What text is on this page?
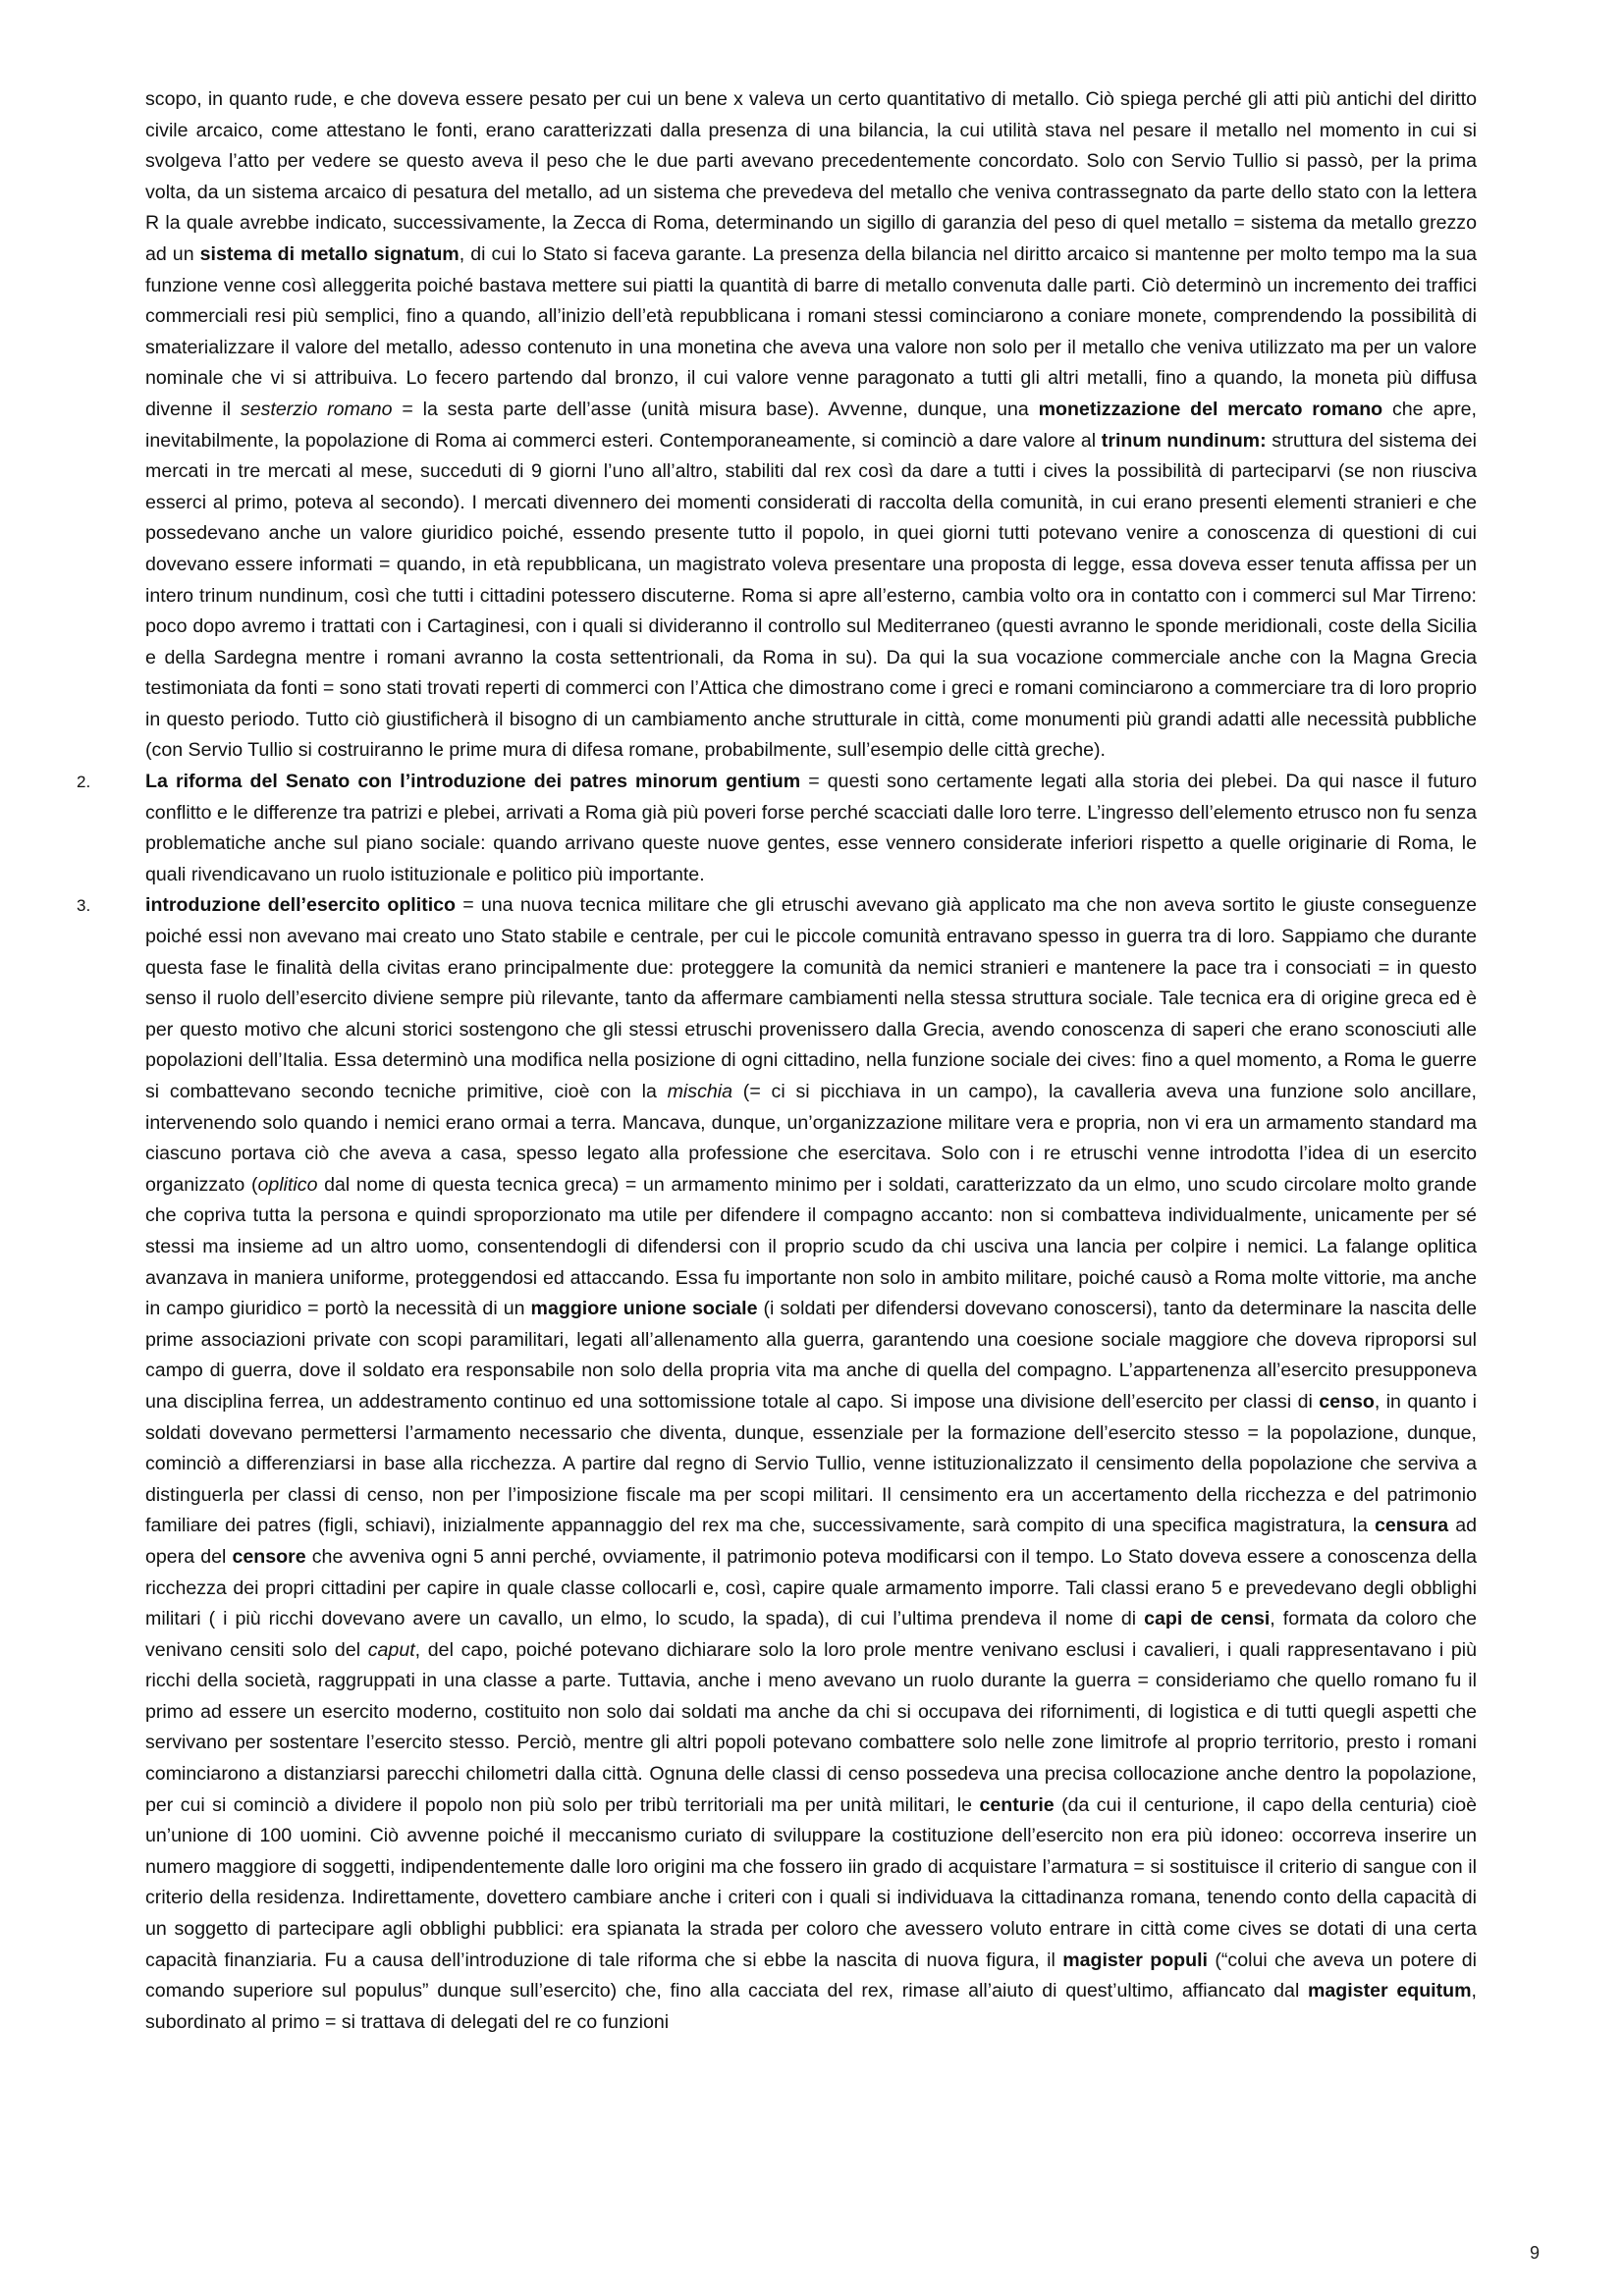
scopo, in quanto rude, e che doveva essere pesato per cui un bene x valeva un certo quantitativo di metallo. Ciò spiega perché gli atti più antichi del diritto civile arcaico, come attestano le fonti, erano caratterizzati dalla presenza di una bilancia, la cui utilità stava nel pesare il metallo nel momento in cui si svolgeva l’atto per vedere se questo aveva il peso che le due parti avevano precedentemente concordato. Solo con Servio Tullio si passò, per la prima volta, da un sistema arcaico di pesatura del metallo, ad un sistema che prevedeva del metallo che veniva contrassegnato da parte dello stato con la lettera R la quale avrebbe indicato, successivamente, la Zecca di Roma, determinando un sigillo di garanzia del peso di quel metallo = sistema da metallo grezzo ad un sistema di metallo signatum, di cui lo Stato si faceva garante. La presenza della bilancia nel diritto arcaico si mantenne per molto tempo ma la sua funzione venne così alleggerita poiché bastava mettere sui piatti la quantità di barre di metallo convenuta dalle parti. Ciò determinò un incremento dei traffici commerciali resi più semplici, fino a quando, all’inizio dell’età repubblicana i romani stessi cominciarono a coniare monete, comprendendo la possibilità di smaterializzare il valore del metallo, adesso contenuto in una monetina che aveva una valore non solo per il metallo che veniva utilizzato ma per un valore nominale che vi si attribuiva. Lo fecero partendo dal bronzo, il cui valore venne paragonato a tutti gli altri metalli, fino a quando, la moneta più diffusa divenne il sesterzio romano = la sesta parte dell’asse (unità misura base). Avvenne, dunque, una monetizzazione del mercato romano che apre, inevitabilmente, la popolazione di Roma ai commerci esteri. Contemporaneamente, si cominciò a dare valore al trinum nundinum: struttura del sistema dei mercati in tre mercati al mese, succeduti di 9 giorni l’uno all’altro, stabiliti dal rex così da dare a tutti i cives la possibilità di parteciparvi (se non riusciva esserci al primo, poteva al secondo). I mercati divennero dei momenti considerati di raccolta della comunità, in cui erano presenti elementi stranieri e che possedevano anche un valore giuridico poiché, essendo presente tutto il popolo, in quei giorni tutti potevano venire a conoscenza di questioni di cui dovevano essere informati = quando, in età repubblicana, un magistrato voleva presentare una proposta di legge, essa doveva esser tenuta affissa per un intero trinum nundinum, così che tutti i cittadini potessero discuterne. Roma si apre all’esterno, cambia volto ora in contatto con i commerci sul Mar Tirreno: poco dopo avremo i trattati con i Cartaginesi, con i quali si divideranno il controllo sul Mediterraneo (questi avranno le sponde meridionali, coste della Sicilia e della Sardegna mentre i romani avranno la costa settentrionali, da Roma in su). Da qui la sua vocazione commerciale anche con la Magna Grecia testimoniata da fonti = sono stati trovati reperti di commerci con l’Attica che dimostrano come i greci e romani cominciarono a commerciare tra di loro proprio in questo periodo. Tutto ciò giustificherà il bisogno di un cambiamento anche strutturale in città, come monumenti più grandi adatti alle necessità pubbliche (con Servio Tullio si costruiranno le prime mura di difesa romane, probabilmente, sull’esempio delle città greche).

2.	La riforma del Senato con l’introduzione dei patres minorum gentium = questi sono certamente legati alla storia dei plebei. Da qui nasce il futuro conflitto e le differenze tra patrizi e plebei, arrivati a Roma già più poveri forse perché scacciati dalle loro terre. L’ingresso dell’elemento etrusco non fu senza problematiche anche sul piano sociale: quando arrivano queste nuove gentes, esse vennero considerate inferiori rispetto a quelle originarie di Roma, le quali rivendicavano un ruolo istituzionale e politico più importante.

3.	introduzione dell’esercito oplitico = una nuova tecnica militare che gli etruschi avevano già applicato ma che non aveva sortito le giuste conseguenze poiché essi non avevano mai creato uno Stato stabile e centrale, per cui le piccole comunità entravano spesso in guerra tra di loro. Sappiamo che durante questa fase le finalità della civitas erano principalmente due: proteggere la comunità da nemici stranieri e mantenere la pace tra i consociati = in questo senso il ruolo dell’esercito diviene sempre più rilevante, tanto da affermare cambiamenti nella stessa struttura sociale. Tale tecnica era di origine greca ed è per questo motivo che alcuni storici sostengono che gli stessi etruschi provenissero dalla Grecia, avendo conoscenza di saperi che erano sconosciuti alle popolazioni dell’Italia. Essa determinò una modifica nella posizione di ogni cittadino, nella funzione sociale dei cives: fino a quel momento, a Roma le guerre si combattevano secondo tecniche primitive, cioè con la mischia (= ci si picchiava in un campo), la cavalleria aveva una funzione solo ancillare, intervenendo solo quando i nemici erano ormai a terra. Mancava, dunque, un’organizzazione militare vera e propria, non vi era un armamento standard ma ciascuno portava ciò che aveva a casa, spesso legato alla professione che esercitava. Solo con i re etruschi venne introdotta l’idea di un esercito organizzato (oplitico dal nome di questa tecnica greca) = un armamento minimo per i soldati, caratterizzato da un elmo, uno scudo circolare molto grande che copriva tutta la persona e quindi sproporzionato ma utile per difendere il compagno accanto: non si combatteva individualmente, unicamente per sé stessi ma insieme ad un altro uomo, consentendogli di difendersi con il proprio scudo da chi usciva una lancia per colpire i nemici. La falange oplitica avanzava in maniera uniforme, proteggendosi ed attaccando. Essa fu importante non solo in ambito militare, poiché causò a Roma molte vittorie, ma anche in campo giuridico = portò la necessità di un maggiore unione sociale (i soldati per difendersi dovevano conoscersi), tanto da determinare la nascita delle prime associazioni private con scopi paramilitari, legati all’allenamento alla guerra, garantendo una coesione sociale maggiore che doveva riproporsi sul campo di guerra, dove il soldato era responsabile non solo della propria vita ma anche di quella del compagno. L’appartenenza all’esercito presupponeva una disciplina ferrea, un addestramento continuo ed una sottomissione totale al capo. Si impose una divisione dell’esercito per classi di censo, in quanto i soldati dovevano permettersi l’armamento necessario che diventa, dunque, essenziale per la formazione dell’esercito stesso = la popolazione, dunque, cominciò a differenziarsi in base alla ricchezza. A partire dal regno di Servio Tullio, venne istituzionalizzato il censimento della popolazione che serviva a distinguerla per classi di censo, non per l’imposizione fiscale ma per scopi militari. Il censimento era un accertamento della ricchezza e del patrimonio familiare dei patres (figli, schiavi), inizialmente appannaggio del rex ma che, successivamente, sarà compito di una specifica magistratura, la censura ad opera del censore che avveniva ogni 5 anni perché, ovviamente, il patrimonio poteva modificarsi con il tempo. Lo Stato doveva essere a conoscenza della ricchezza dei propri cittadini per capire in quale classe collocarli e, così, capire quale armamento imporre. Tali classi erano 5 e prevedevano degli obblighi militari ( i più ricchi dovevano avere un cavallo, un elmo, lo scudo, la spada), di cui l’ultima prendeva il nome di capi de censi, formata da coloro che venivano censiti solo del caput, del capo, poiché potevano dichiarare solo la loro prole mentre venivano esclusi i cavalieri, i quali rappresentavano i più ricchi della società, raggruppati in una classe a parte. Tuttavia, anche i meno avevano un ruolo durante la guerra = consideriamo che quello romano fu il primo ad essere un esercito moderno, costituito non solo dai soldati ma anche da chi si occupava dei rifornimenti, di logistica e di tutti quegli aspetti che servivano per sostentare l’esercito stesso. Perciò, mentre gli altri popoli potevano combattere solo nelle zone limitrofe al proprio territorio, presto i romani cominciarono a distanziarsi parecchi chilometri dalla città. Ognuna delle classi di censo possedeva una precisa collocazione anche dentro la popolazione, per cui si cominciò a dividere il popolo non più solo per tribù territoriali ma per unità militari, le centurie (da cui il centurione, il capo della centuria) cioè un’unione di 100 uomini. Ciò avvenne poiché il meccanismo curiato di sviluppare la costituzione dell’esercito non era più idoneo: occorreva inserire un numero maggiore di soggetti, indipendentemente dalle loro origini ma che fossero iin grado di acquistare l’armatura = si sostituisce il criterio di sangue con il criterio della residenza. Indirettamente, dovettero cambiare anche i criteri con i quali si individuava la cittadinanza romana, tenendo conto della capacità di un soggetto di partecipare agli obblighi pubblici: era spianata la strada per coloro che avessero voluto entrare in città come cives se dotati di una certa capacità finanziaria. Fu a causa dell’introduzione di tale riforma che si ebbe la nascita di nuova figura, il magister populi (“colui che aveva un potere di comando superiore sul populus” dunque sull’esercito) che, fino alla cacciata del rex, rimase all’aiuto di quest’ultimo, affiancato dal magister equitum, subordinato al primo = si trattava di delegati del re co funzioni

9
